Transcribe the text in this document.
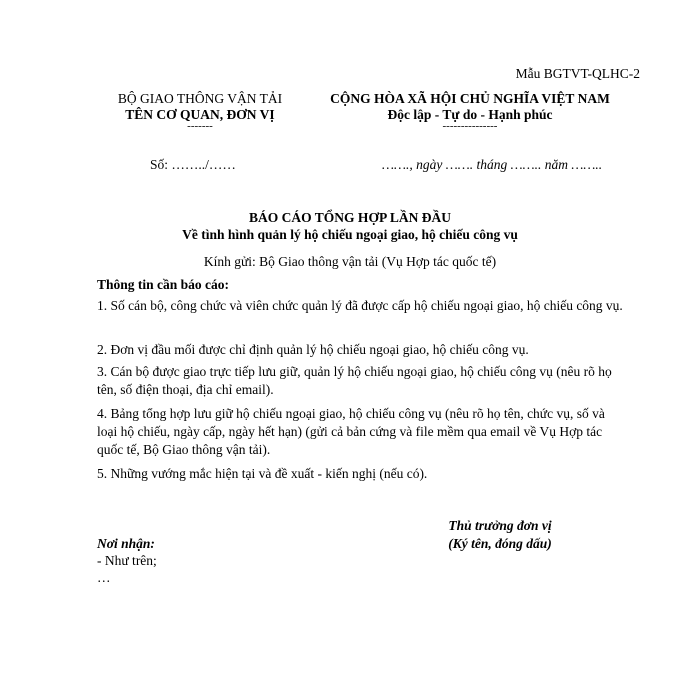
Mẫu BGTVT-QLHC-2
BỘ GIAO THÔNG VẬN TẢI
TÊN CƠ QUAN, ĐƠN VỊ
-------
CỘNG HÒA XÃ HỘI CHỦ NGHĨA VIỆT NAM
Độc lập - Tự do - Hạnh phúc
---------------
Số: ……../……	……., ngày ……. tháng …….. năm ……..
BÁO CÁO TỔNG HỢP LẦN ĐẦU
Về tình hình quản lý hộ chiếu ngoại giao, hộ chiếu công vụ
Kính gửi: Bộ Giao thông vận tải (Vụ Hợp tác quốc tế)
Thông tin cần báo cáo:
1. Số cán bộ, công chức và viên chức quản lý đã được cấp hộ chiếu ngoại giao, hộ chiếu công vụ.
2. Đơn vị đầu mối được chỉ định quản lý hộ chiếu ngoại giao, hộ chiếu công vụ.
3. Cán bộ được giao trực tiếp lưu giữ, quản lý hộ chiếu ngoại giao, hộ chiếu công vụ (nêu rõ họ tên, số điện thoại, địa chỉ email).
4. Bảng tổng hợp lưu giữ hộ chiếu ngoại giao, hộ chiếu công vụ (nêu rõ họ tên, chức vụ, số và loại hộ chiếu, ngày cấp, ngày hết hạn) (gửi cả bản cứng và file mềm qua email về Vụ Hợp tác quốc tế, Bộ Giao thông vận tải).
5. Những vướng mắc hiện tại và đề xuất - kiến nghị (nếu có).
Thủ trưởng đơn vị
(Ký tên, đóng dấu)
Nơi nhận:
- Như trên;
…
